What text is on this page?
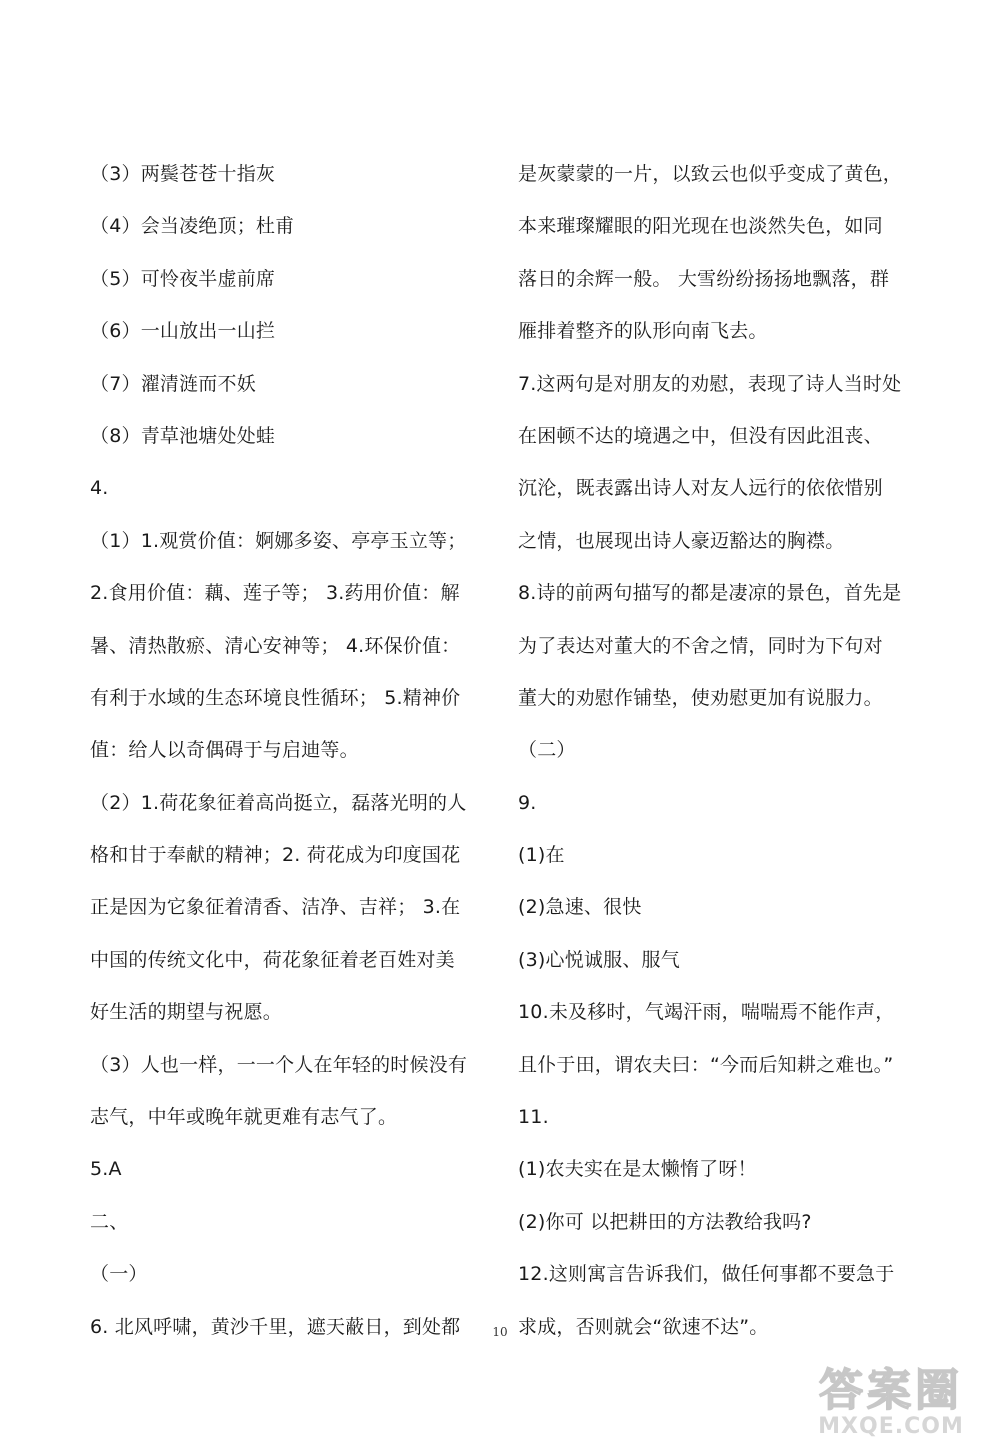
（3）两鬓苍苍十指灰
（4）会当凌绝顶；杜甫
（5）可怜夜半虚前席
（6）一山放出一山拦
（7）濯清涟而不妖
（8）青草池塘处处蛙
4.
（1）1.观赏价值：婀娜多姿、亭亭玉立等；
2.食用价值：藕、莲子等； 3.药用价值：解
暑、清热散瘀、清心安神等； 4.环保价值：
有利于水域的生态环境良性循环； 5.精神价
值：给人以奇偶碍于与启迪等。
（2）1.荷花象征着高尚挺立，磊落光明的人
格和甘于奉献的精神；2. 荷花成为印度国花
正是因为它象征着清香、洁净、吉祥； 3.在
中国的传统文化中，荷花象征着老百姓对美
好生活的期望与祝愿。
（3）人也一样，一一个人在年轻的时候没有
志气，中年或晚年就更难有志气了。
5.A
二、
（一）
6. 北风呼啸，黄沙千里，遮天蔽日，到处都
是灰蒙蒙的一片，以致云也似乎变成了黄色，
本来璀璨耀眼的阳光现在也淡然失色，如同
落日的余辉一般。 大雪纷纷扬扬地飘落，群
雁排着整齐的队形向南飞去。
7.这两句是对朋友的劝慰，表现了诗人当时处
在困顿不达的境遇之中，但没有因此沮丧、
沉沦，既表露出诗人对友人远行的依依惜别
之情，也展现出诗人豪迈豁达的胸襟。
8.诗的前两句描写的都是凄凉的景色，首先是
为了表达对董大的不舍之情，同时为下句对
董大的劝慰作铺垫，使劝慰更加有说服力。
（二）
9.
(1)在
(2)急速、很快
(3)心悦诚服、服气
10.未及移时，气竭汗雨，喘喘焉不能作声，
且仆于田，谓农夫曰：“今而后知耕之难也。”
11.
(1)农夫实在是太懒惰了呀！
(2)你可 以把耕田的方法教给我吗?
12.这则寓言告诉我们，做任何事都不要急于
求成，否则就会“欲速不达”。
10
答案圈
MXQE.COM
